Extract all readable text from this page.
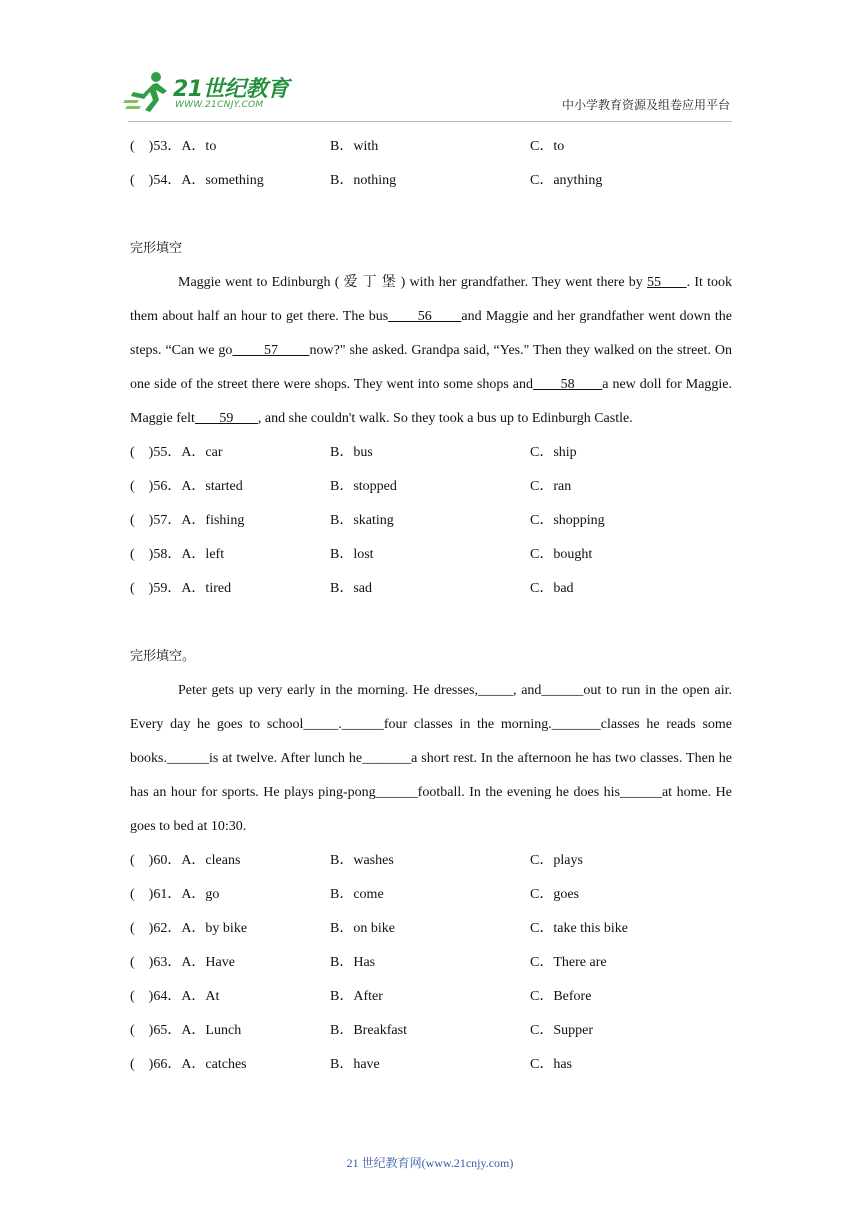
21世纪教育
WWW.21CNJY.COM	中小学教育资源及组卷应用平台
(    )53．A．to	B．with	C．to
(    )54．A．something	B．nothing	C．anything
完形填空
Maggie went to Edinburgh ( 爱 丁 堡 ) with her grandfather. They went there by 55      . It took them about half an hour to get there. The bus       56       and Maggie and her grandfather went down the steps. “Can we go        57        now?" she asked. Grandpa said, “Yes." Then they walked on the street. On one side of the street there were shops. They went into some shops and       58       a new doll for Maggie. Maggie felt       59       , and she couldn't walk. So they took a bus up to Edinburgh Castle.
(    )55．A．car	B．bus	C．ship
(    )56．A．started	B．stopped	C．ran
(    )57．A．fishing	B．skating	C．shopping
(    )58．A．left	B．lost	C．bought
(    )59．A．tired	B．sad	C．bad
完形填空。
Peter gets up very early in the morning. He dresses,_____, and______out to run in the open air. Every day he goes to school_____.______four classes in the morning._______classes he reads some books.______is at twelve. After lunch he_______a short rest. In the afternoon he has two classes. Then he has an hour for sports. He plays ping-pong______football. In the evening he does his______at home. He goes to bed at 10:30.
(    )60．A．cleans	B．washes	C．plays
(    )61．A．go	B．come	C．goes
(    )62．A．by bike	B．on bike	C．take this bike
(    )63．A．Have	B．Has	C．There are
(    )64．A．At	B．After	C．Before
(    )65．A．Lunch	B．Breakfast	C．Supper
(    )66．A．catches	B．have	C．has
21 世纪教育网(www.21cnjy.com)
